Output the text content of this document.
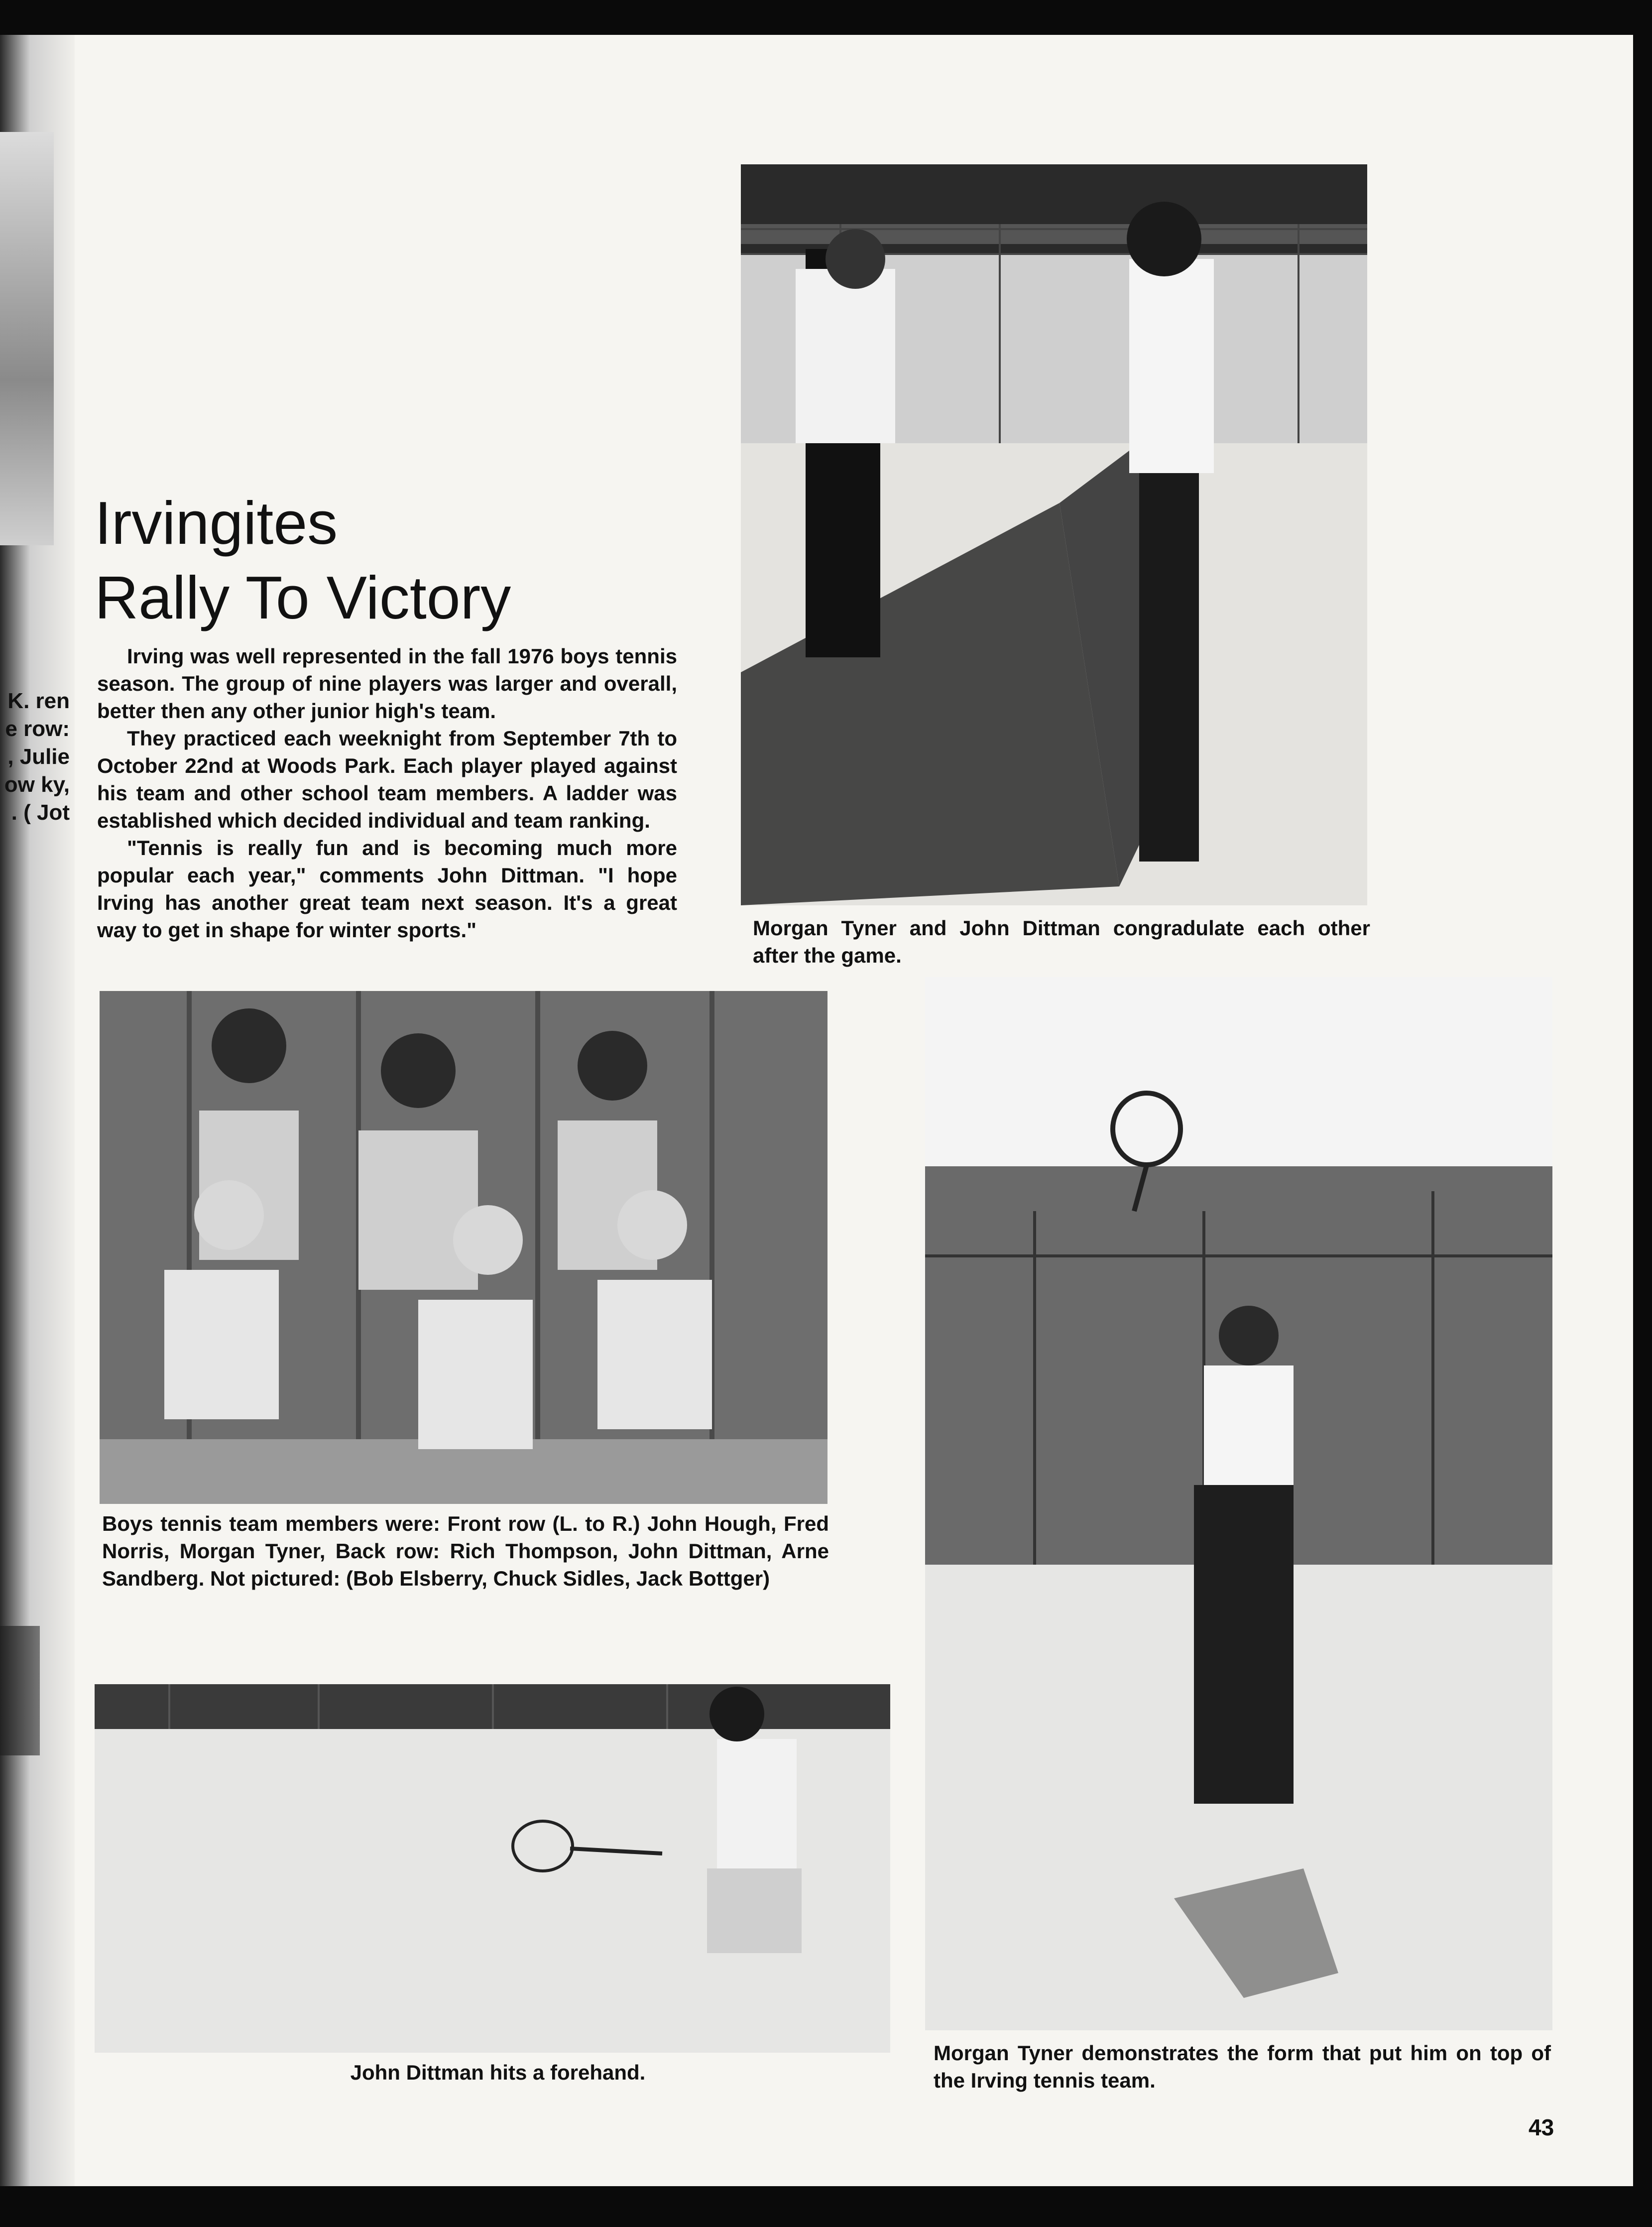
K. ren
e row:
, Julie
ow ky,
. ( Jot
Irvingites
Rally To Victory

Irving was well represented in the fall 1976 boys tennis season. The group of nine players was larger and overall, better then any other junior high's team.

They practiced each weeknight from September 7th to October 22nd at Woods Park. Each player played against his team and other school team members. A ladder was established which decided individual and team ranking.

"Tennis is really fun and is becoming much more popular each year," comments John Dittman. "I hope Irving has another great team next season. It's a great way to get in shape for winter sports."	Morgan Tyner and John Dittman congradulate each other after the game.

Boys tennis team members were: Front row (L. to R.) John Hough, Fred Norris, Morgan Tyner, Back row: Rich Thompson, John Dittman, Arne Sandberg. Not pictured: (Bob Elsberry, Chuck Sidles, Jack Bottger)

Morgan Tyner demonstrates the form that put him on top of the Irving tennis team.

John Dittman hits a forehand.

43
